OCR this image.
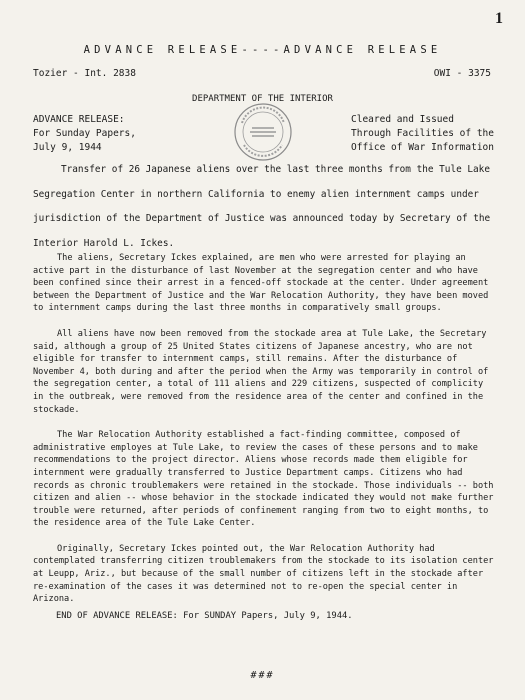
1
ADVANCE RELEASE----ADVANCE RELEASE
Tozier - Int. 2838	OWI - 3375
DEPARTMENT OF THE INTERIOR
ADVANCE RELEASE:
For Sunday Papers,
July 9, 1944
Cleared and Issued
Through Facilities of the
Office of War Information
Transfer of 26 Japanese aliens over the last three months from the Tule Lake
Segregation Center in northern California to enemy alien internment camps under
jurisdiction of the Department of Justice was announced today by Secretary of the
Interior Harold L. Ickes.

The aliens, Secretary Ickes explained, are men who were arrested for playing an active part in the disturbance of last November at the segregation center and who have been confined since their arrest in a fenced-off stockade at the center. Under agreement between the Department of Justice and the War Relocation Authority, they have been moved to internment camps during the last three months in comparatively small groups.

All aliens have now been removed from the stockade area at Tule Lake, the Secretary said, although a group of 25 United States citizens of Japanese ancestry, who are not eligible for transfer to internment camps, still remains. After the disturbance of November 4, both during and after the period when the Army was temporarily in control of the segregation center, a total of 111 aliens and 229 citizens, suspected of complicity in the outbreak, were removed from the residence area of the center and confined in the stockade.

The War Relocation Authority established a fact-finding committee, composed of administrative employes at Tule Lake, to review the cases of these persons and to make recommendations to the project director. Aliens whose records made them eligible for internment were gradually transferred to Justice Department camps. Citizens who had records as chronic troublemakers were retained in the stockade. Those individuals -- both citizen and alien -- whose behavior in the stockade indicated they would not make further trouble were returned, after periods of confinement ranging from two to eight months, to the residence area of the Tule Lake Center.

Originally, Secretary Ickes pointed out, the War Relocation Authority had contemplated transferring citizen troublemakers from the stockade to its isolation center at Leupp, Ariz., but because of the small number of citizens left in the stockade after re-examination of the cases it was determined not to re-open the special center in Arizona.

END OF ADVANCE RELEASE: For SUNDAY Papers, July 9, 1944.
###
